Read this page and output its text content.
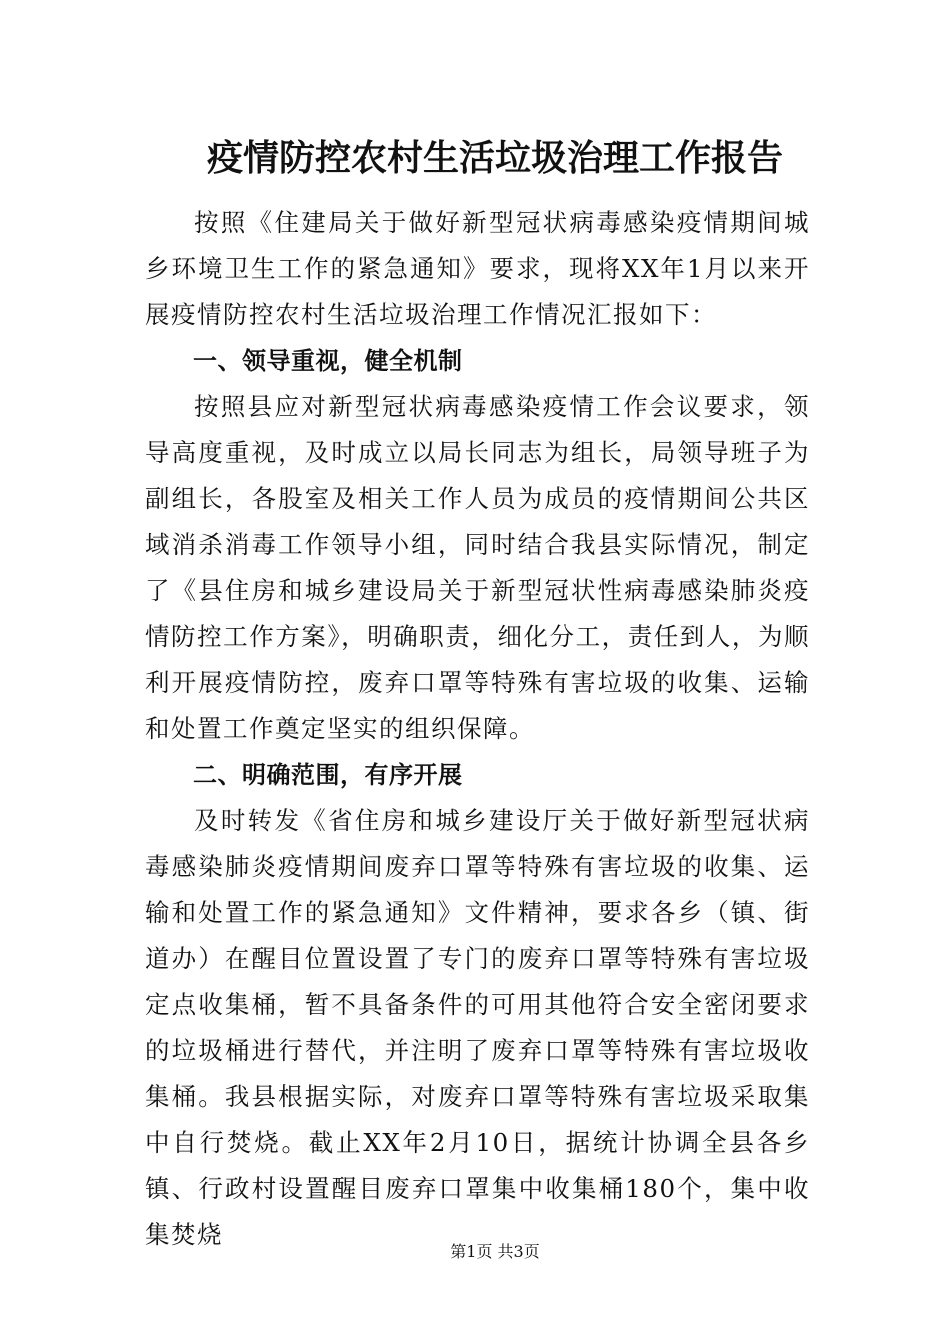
疫情防控农村生活垃圾治理工作报告

按照《住建局关于做好新型冠状病毒感染疫情期间城乡环境卫生工作的紧急通知》要求，现将XX年1月以来开展疫情防控农村生活垃圾治理工作情况汇报如下：

一、领导重视，健全机制

按照县应对新型冠状病毒感染疫情工作会议要求，领导高度重视，及时成立以局长同志为组长，局领导班子为副组长，各股室及相关工作人员为成员的疫情期间公共区域消杀消毒工作领导小组，同时结合我县实际情况，制定了《县住房和城乡建设局关于新型冠状性病毒感染肺炎疫情防控工作方案》，明确职责，细化分工，责任到人，为顺利开展疫情防控，废弃口罩等特殊有害垃圾的收集、运输和处置工作奠定坚实的组织保障。

二、明确范围，有序开展

及时转发《省住房和城乡建设厅关于做好新型冠状病毒感染肺炎疫情期间废弃口罩等特殊有害垃圾的收集、运输和处置工作的紧急通知》文件精神，要求各乡（镇、街道办）在醒目位置设置了专门的废弃口罩等特殊有害垃圾定点收集桶，暂不具备条件的可用其他符合安全密闭要求的垃圾桶进行替代，并注明了废弃口罩等特殊有害垃圾收集桶。我县根据实际，对废弃口罩等特殊有害垃圾采取集中自行焚烧。截止XX年2月10日，据统计协调全县各乡镇、行政村设置醒目废弃口罩集中收集桶180个，集中收集焚烧

第1页 共3页
